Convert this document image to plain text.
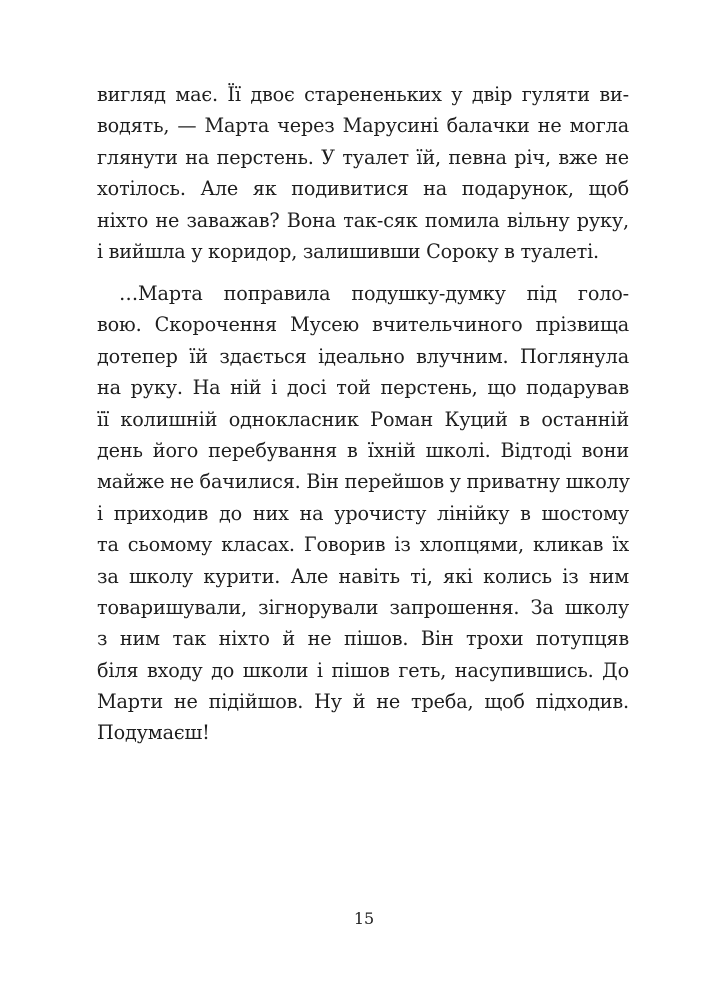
вигляд має. Її двоє старененьких у двір гуляти ви-
водять, — Марта через Марусині балачки не могла
глянути на перстень. У туалет їй, певна річ, вже не
хотілось. Але як подивитися на подарунок, щоб
ніхто не заважав? Вона так-сяк помила вільну руку,
і вийшла у коридор, залишивши Сороку в туалеті.
…Марта поправила подушку-думку під голо-
вою. Скорочення Мусею вчительчиного прізвища
дотепер їй здається ідеально влучним. Поглянула
на руку. На ній і досі той перстень, що подарував
її колишній однокласник Роман Куций в останній
день його перебування в їхній школі. Відтоді вони
майже не бачилися. Він перейшов у приватну школу
і приходив до них на урочисту лінійку в шостому
та сьомому класах. Говорив із хлопцями, кликав їх
за школу курити. Але навіть ті, які колись із ним
товаришували, зігнорували запрошення. За школу
з ним так ніхто й не пішов. Він трохи потупцяв
біля входу до школи і пішов геть, насупившись. До
Марти не підійшов. Ну й не треба, щоб підходив.
Подумаєш!
15
